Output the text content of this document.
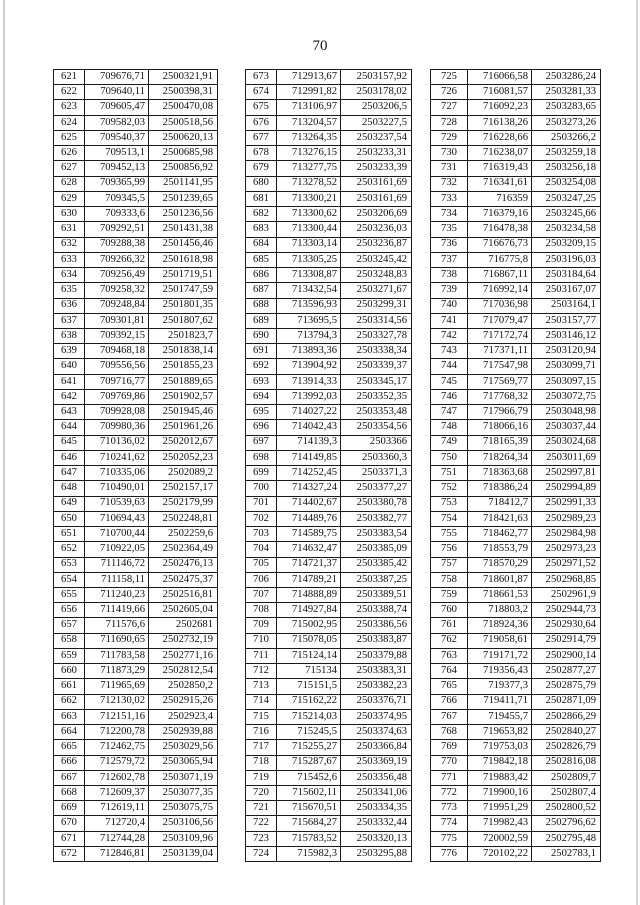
70
621	709676,71	2500321,91
622	709640,11	2500398,31
623	709605,47	2500470,08
624	709582,03	2500518,56
625	709540,37	2500620,13
626	709513,1	2500685,98
627	709452,13	2500856,92
628	709365,99	2501141,95
629	709345,5	2501239,65
630	709333,6	2501236,56
631	709292,51	2501431,38
632	709288,38	2501456,46
633	709266,32	2501618,98
634	709256,49	2501719,51
635	709258,32	2501747,59
636	709248,84	2501801,35
637	709301,81	2501807,62
638	709392,15	2501823,7
639	709468,18	2501838,14
640	709556,56	2501855,23
641	709716,77	2501889,65
642	709769,86	2501902,57
643	709928,08	2501945,46
644	709980,36	2501961,26
645	710136,02	2502012,67
646	710241,62	2502052,23
647	710335,06	2502089,2
648	710490,01	2502157,17
649	710539,63	2502179,99
650	710694,43	2502248,81
651	710700,44	2502259,6
652	710922,05	2502364,49
653	711146,72	2502476,13
654	711158,11	2502475,37
655	711240,23	2502516,81
656	711419,66	2502605,04
657	711576,6	2502681
658	711690,65	2502732,19
659	711783,58	2502771,16
660	711873,29	2502812,54
661	711965,69	2502850,2
662	712130,02	2502915,26
663	712151,16	2502923,4
664	712200,78	2502939,88
665	712462,75	2503029,56
666	712579,72	2503065,94
667	712602,78	2503071,19
668	712609,37	2503077,35
669	712619,11	2503075,75
670	712720,4	2503106,56
671	712744,28	2503109,96
672	712846,81	2503139,04
673	712913,67	2503157,92
674	712991,82	2503178,02
675	713106,97	2503206,5
676	713204,57	2503227,5
677	713264,35	2503237,54
678	713276,15	2503233,31
679	713277,75	2503233,39
680	713278,52	2503161,69
681	713300,21	2503161,69
682	713300,62	2503206,69
683	713300,44	2503236,03
684	713303,14	2503236,87
685	713305,25	2503245,42
686	713308,87	2503248,83
687	713432,54	2503271,67
688	713596,93	2503299,31
689	713695,5	2503314,56
690	713794,3	2503327,78
691	713893,36	2503338,34
692	713904,92	2503339,37
693	713914,33	2503345,17
694	713992,03	2503352,35
695	714027,22	2503353,48
696	714042,43	2503354,56
697	714139,3	2503366
698	714149,85	2503360,3
699	714252,45	2503371,3
700	714327,24	2503377,27
701	714402,67	2503380,78
702	714489,76	2503382,77
703	714589,75	2503383,54
704	714632,47	2503385,09
705	714721,37	2503385,42
706	714789,21	2503387,25
707	714888,89	2503389,51
708	714927,84	2503388,74
709	715002,95	2503386,56
710	715078,05	2503383,87
711	715124,14	2503379,88
712	715134	2503383,31
713	715151,5	2503382,23
714	715162,22	2503376,71
715	715214,03	2503374,95
716	715245,5	2503374,63
717	715255,27	2503366,84
718	715287,67	2503369,19
719	715452,6	2503356,48
720	715602,11	2503341,06
721	715670,51	2503334,35
722	715684,27	2503332,44
723	715783,52	2503320,13
724	715982,3	2503295,88
725	716066,58	2503286,24
726	716081,57	2503281,33
727	716092,23	2503283,65
728	716138,26	2503273,26
729	716228,66	2503266,2
730	716238,07	2503259,18
731	716319,43	2503256,18
732	716341,61	2503254,08
733	716359	2503247,25
734	716379,16	2503245,66
735	716478,38	2503234,58
736	716676,73	2503209,15
737	716775,8	2503196,03
738	716867,11	2503184,64
739	716992,14	2503167,07
740	717036,98	2503164,1
741	717079,47	2503157,77
742	717172,74	2503146,12
743	717371,11	2503120,94
744	717547,98	2503099,71
745	717569,77	2503097,15
746	717768,32	2503072,75
747	717966,79	2503048,98
748	718066,16	2503037,44
749	718165,39	2503024,68
750	718264,34	2503011,69
751	718363,68	2502997,81
752	718386,24	2502994,89
753	718412,7	2502991,33
754	718421,63	2502989,23
755	718462,77	2502984,98
756	718553,79	2502973,23
757	718570,29	2502971,52
758	718601,87	2502968,85
759	718661,53	2502961,9
760	718803,2	2502944,73
761	718924,36	2502930,64
762	719058,61	2502914,79
763	719171,72	2502900,14
764	719356,43	2502877,27
765	719377,3	2502875,79
766	719411,71	2502871,09
767	719455,7	2502866,29
768	719653,82	2502840,27
769	719753,03	2502826,79
770	719842,18	2502816,08
771	719883,42	2502809,7
772	719900,16	2502807,4
773	719951,29	2502800,52
774	719982,43	2502796,62
775	720002,59	2502795,48
776	720102,22	2502783,1
